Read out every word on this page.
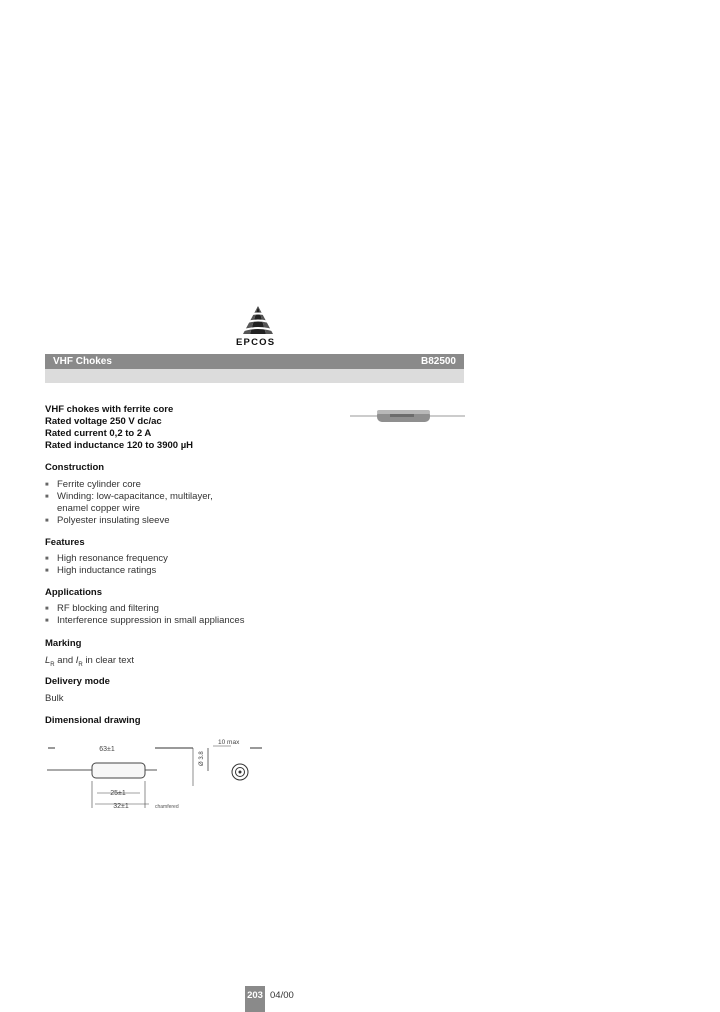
EPCOS
VHF Chokes	B82500
VHF chokes with ferrite core
Rated voltage 250 V dc/ac
Rated current 0,2 to 2 A
Rated inductance 120 to 3900 µH
Construction
■ Ferrite cylinder core
■ Winding: low-capacitance, multilayer,
enamel copper wire
■ Polyester insulating sleeve
Features
■ High resonance frequency
■ High inductance ratings
Applications
■ RF blocking and filtering
■ Interference suppression in small appliances
Marking
$L_R$ and $I_R$ in clear text
Delivery mode
Bulk
Dimensional drawing
63±1
Ø 3.8
10 max
25±1
32±1	chamfered
203 04/00
